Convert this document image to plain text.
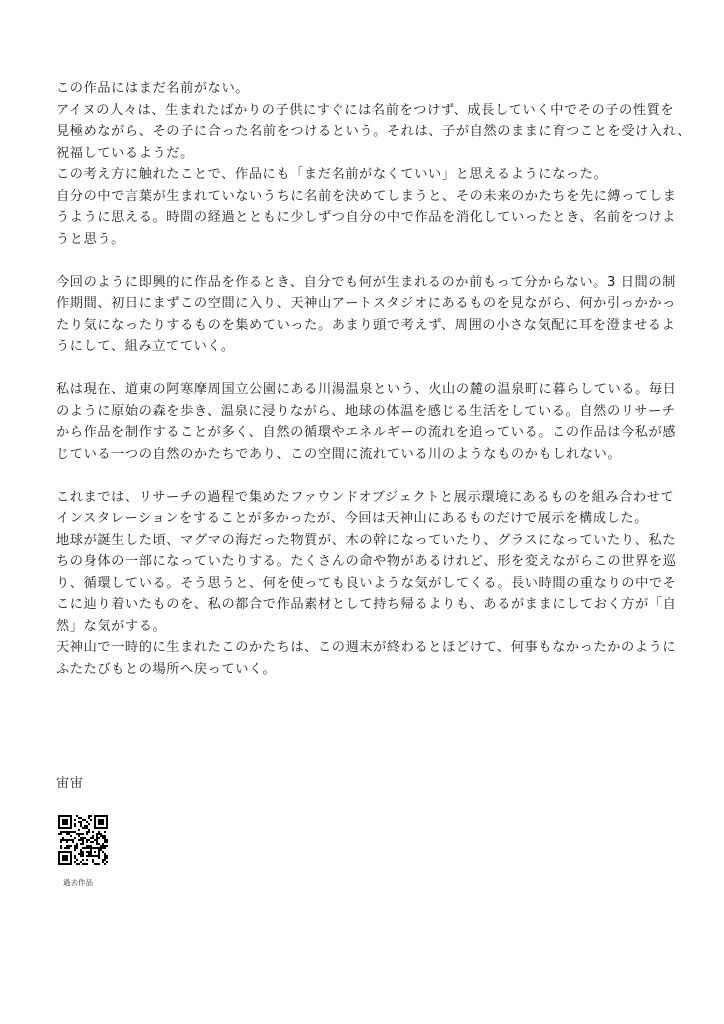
この作品にはまだ名前がない。
アイヌの人々は、生まれたばかりの子供にすぐには名前をつけず、成長していく中でその子の性質を
見極めながら、その子に合った名前をつけるという。それは、子が自然のままに育つことを受け入れ、
祝福しているようだ。
この考え方に触れたことで、作品にも「まだ名前がなくていい」と思えるようになった。
自分の中で言葉が生まれていないうちに名前を決めてしまうと、その未来のかたちを先に縛ってしま
うように思える。時間の経過とともに少しずつ自分の中で作品を消化していったとき、名前をつけよ
うと思う。
今回のように即興的に作品を作るとき、自分でも何が生まれるのか前もって分からない。3 日間の制
作期間、初日にまずこの空間に入り、天神山アートスタジオにあるものを見ながら、何か引っかかっ
たり気になったりするものを集めていった。あまり頭で考えず、周囲の小さな気配に耳を澄ませるよ
うにして、組み立てていく。
私は現在、道東の阿寒摩周国立公園にある川湯温泉という、火山の麓の温泉町に暮らしている。毎日
のように原始の森を歩き、温泉に浸りながら、地球の体温を感じる生活をしている。自然のリサーチ
から作品を制作することが多く、自然の循環やエネルギーの流れを追っている。この作品は今私が感
じている一つの自然のかたちであり、この空間に流れている川のようなものかもしれない。
これまでは、リサーチの過程で集めたファウンドオブジェクトと展示環境にあるものを組み合わせて
インスタレーションをすることが多かったが、今回は天神山にあるものだけで展示を構成した。
地球が誕生した頃、マグマの海だった物質が、木の幹になっていたり、グラスになっていたり、私た
ちの身体の一部になっていたりする。たくさんの命や物があるけれど、形を変えながらこの世界を巡
り、循環している。そう思うと、何を使っても良いような気がしてくる。長い時間の重なりの中でそ
こに辿り着いたものを、私の都合で作品素材として持ち帰るよりも、あるがままにしておく方が「自
然」な気がする。
天神山で一時的に生まれたこのかたちは、この週末が終わるとほどけて、何事もなかったかのように
ふたたびもとの場所へ戻っていく。
宙宙
過去作品
